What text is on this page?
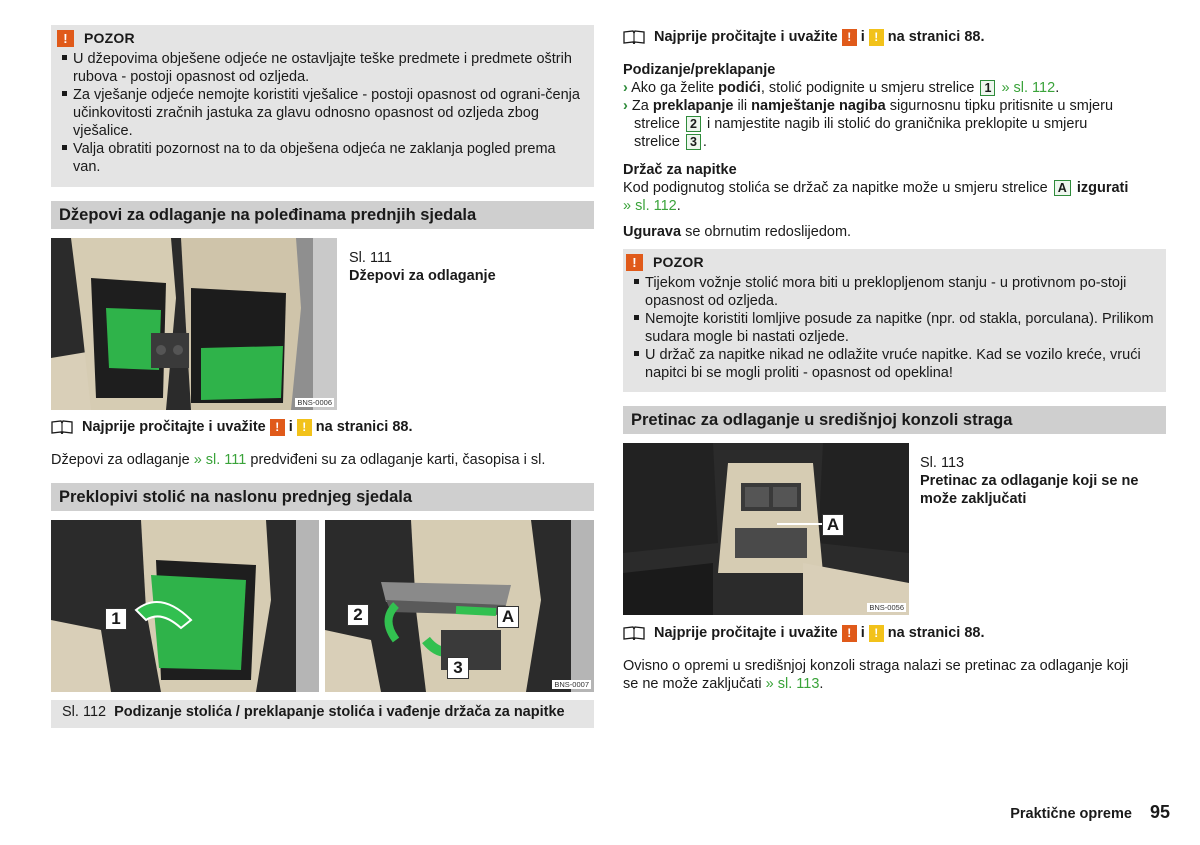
!	POZOR

U džepovima obješene odjeće ne ostavljajte teške predmete i predmete oštrih rubova - postoji opasnost od ozljeda.

Za vješanje odjeće nemojte koristiti vješalice - postoji opasnost od ograni-čenja učinkovitosti zračnih jastuka za glavu odnosno opasnost od ozljeda zbog vješalice.

Valja obratiti pozornost na to da obješena odjeća ne zaklanja pogled prema van.

Džepovi za odlaganje na poleđinama prednjih sjedala
BNS-0006

Sl. 111

Džepovi za odlaganje

Najprije pročitajte i uvažite ! i ! na stranici 88.

Džepovi za odlaganje » sl. 111 predviđeni su za odlaganje karti, časopisa i sl.

Preklopivi stolić na naslonu prednjeg sjedala
1	2	A
3
BNS-0007
Sl. 112 Podizanje stolića / preklapanje stolića i vađenje držača za napitke
Najprije pročitajte i uvažite ! i ! na stranici 88.

Podizanje/preklapanje

› Ako ga želite podići, stolić podignite u smjeru strelice 1 » sl. 112.

› Za preklapanje ili namještanje nagiba sigurnosnu tipku pritisnite u smjeru

strelice 2 i namjestite nagib ili stolić do graničnika preklopite u smjeru

strelice 3 .

Držač za napitke

Kod podignutog stolića se držač za napitke može u smjeru strelice A izgurati

» sl. 112.

Ugurava se obrnutim redoslijedom.

!	POZOR

Tijekom vožnje stolić mora biti u preklopljenom stanju - u protivnom po-stoji opasnost od ozljeda.

Nemojte koristiti lomljive posude za napitke (npr. od stakla, porculana). Prilikom sudara mogle bi nastati ozljede.

U držač za napitke nikad ne odlažite vruće napitke. Kad se vozilo kreće, vrući napitci bi se mogli proliti - opasnost od opeklina!

Pretinac za odlaganje u središnjoj konzoli straga
A
BNS-0056

Sl. 113

Pretinac za odlaganje koji se ne može zaključati

Najprije pročitajte i uvažite ! i ! na stranici 88.

Ovisno o opremi u središnjoj konzoli straga nalazi se pretinac za odlaganje koji

se ne može zaključati » sl. 113.

Praktične opreme 95
